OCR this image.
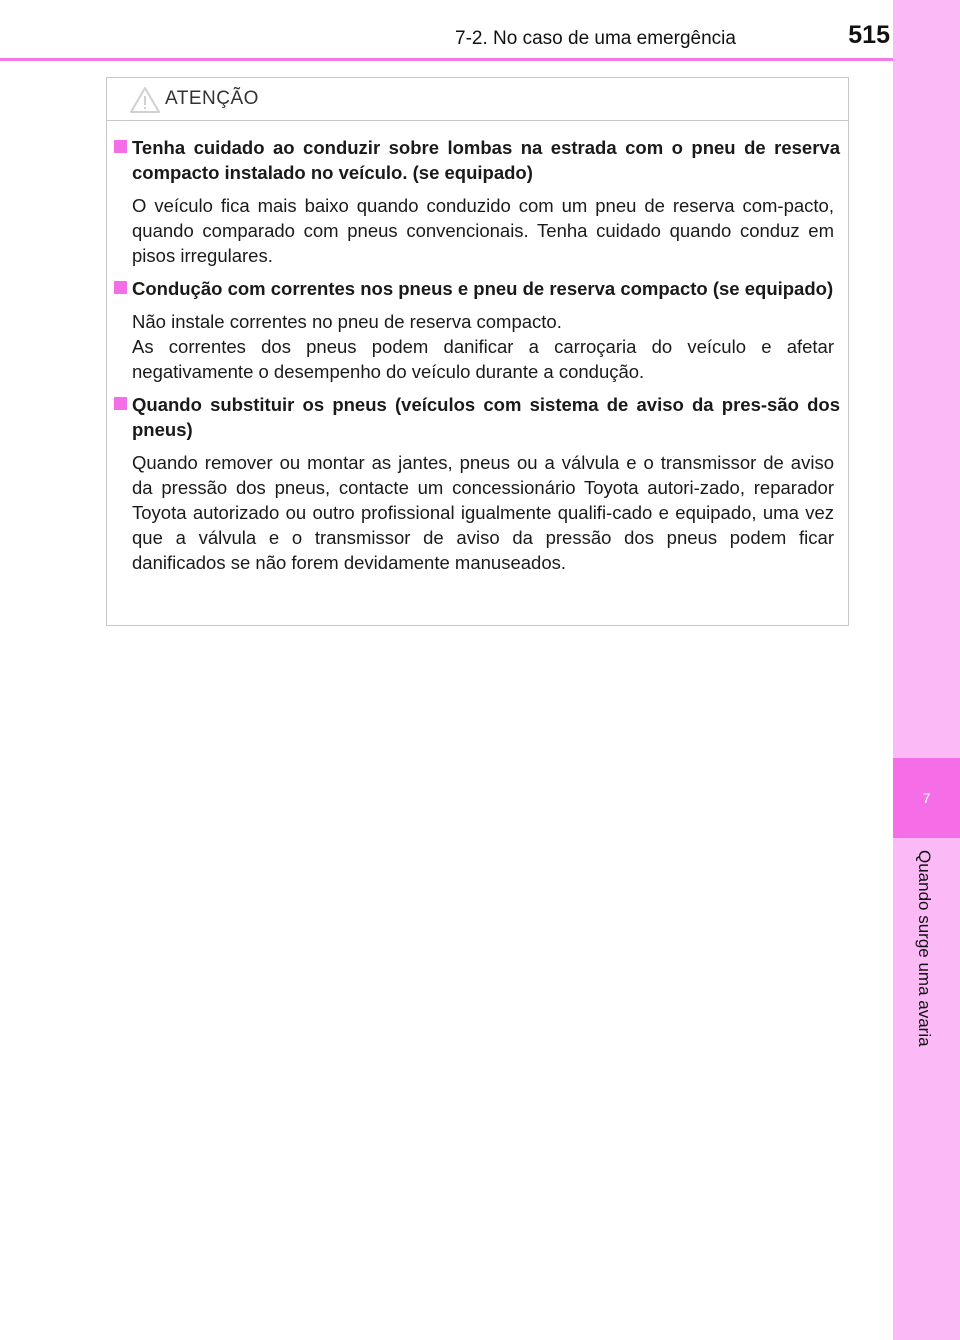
7
Quando surge uma avaria
7-2. No caso de uma emergência	515
ATENÇÃO
Tenha cuidado ao conduzir sobre lombas na estrada com o pneu de reserva compacto instalado no veículo. (se equipado)
O veículo fica mais baixo quando conduzido com um pneu de reserva com-pacto, quando comparado com pneus convencionais. Tenha cuidado quando conduz em pisos irregulares.
Condução com correntes nos pneus e pneu de reserva compacto (se equipado)
Não instale correntes no pneu de reserva compacto.
As correntes dos pneus podem danificar a carroçaria do veículo e afetar negativamente o desempenho do veículo durante a condução.
Quando substituir os pneus (veículos com sistema de aviso da pres-são dos pneus)
Quando remover ou montar as jantes, pneus ou a válvula e o transmissor de aviso da pressão dos pneus, contacte um concessionário Toyota autori-zado, reparador Toyota autorizado ou outro profissional igualmente qualifi-cado e equipado, uma vez que a válvula e o transmissor de aviso da pressão dos pneus podem ficar danificados se não forem devidamente manuseados.
